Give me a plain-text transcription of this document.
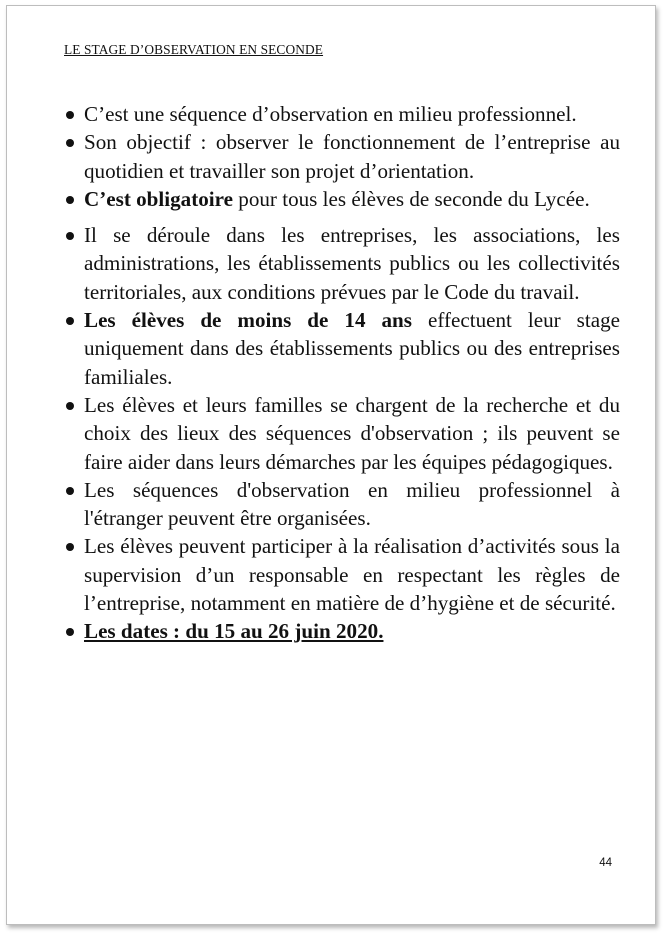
LE STAGE D’OBSERVATION EN SECONDE
C’est une séquence d’observation en milieu professionnel.
Son objectif : observer le fonctionnement de l’entreprise au quotidien et travailler son projet d’orientation.
C’est obligatoire pour tous les élèves de seconde du Lycée.
Il se déroule dans les entreprises, les associations, les administrations, les établissements publics ou les collectivités territoriales, aux conditions prévues par le Code du travail.
Les élèves de moins de 14 ans effectuent leur stage uniquement dans des établissements publics ou des entreprises familiales.
Les élèves et leurs familles se chargent de la recherche et du choix des lieux des séquences d'observation ; ils peuvent se faire aider dans leurs démarches par les équipes pédagogiques.
Les séquences d'observation en milieu professionnel à l'étranger peuvent être organisées.
Les élèves peuvent participer à la réalisation d’activités sous la supervision d’un responsable en respectant les règles de l’entreprise, notamment en matière de d’hygiène et de sécurité.
Les dates : du 15 au 26 juin 2020.
44
